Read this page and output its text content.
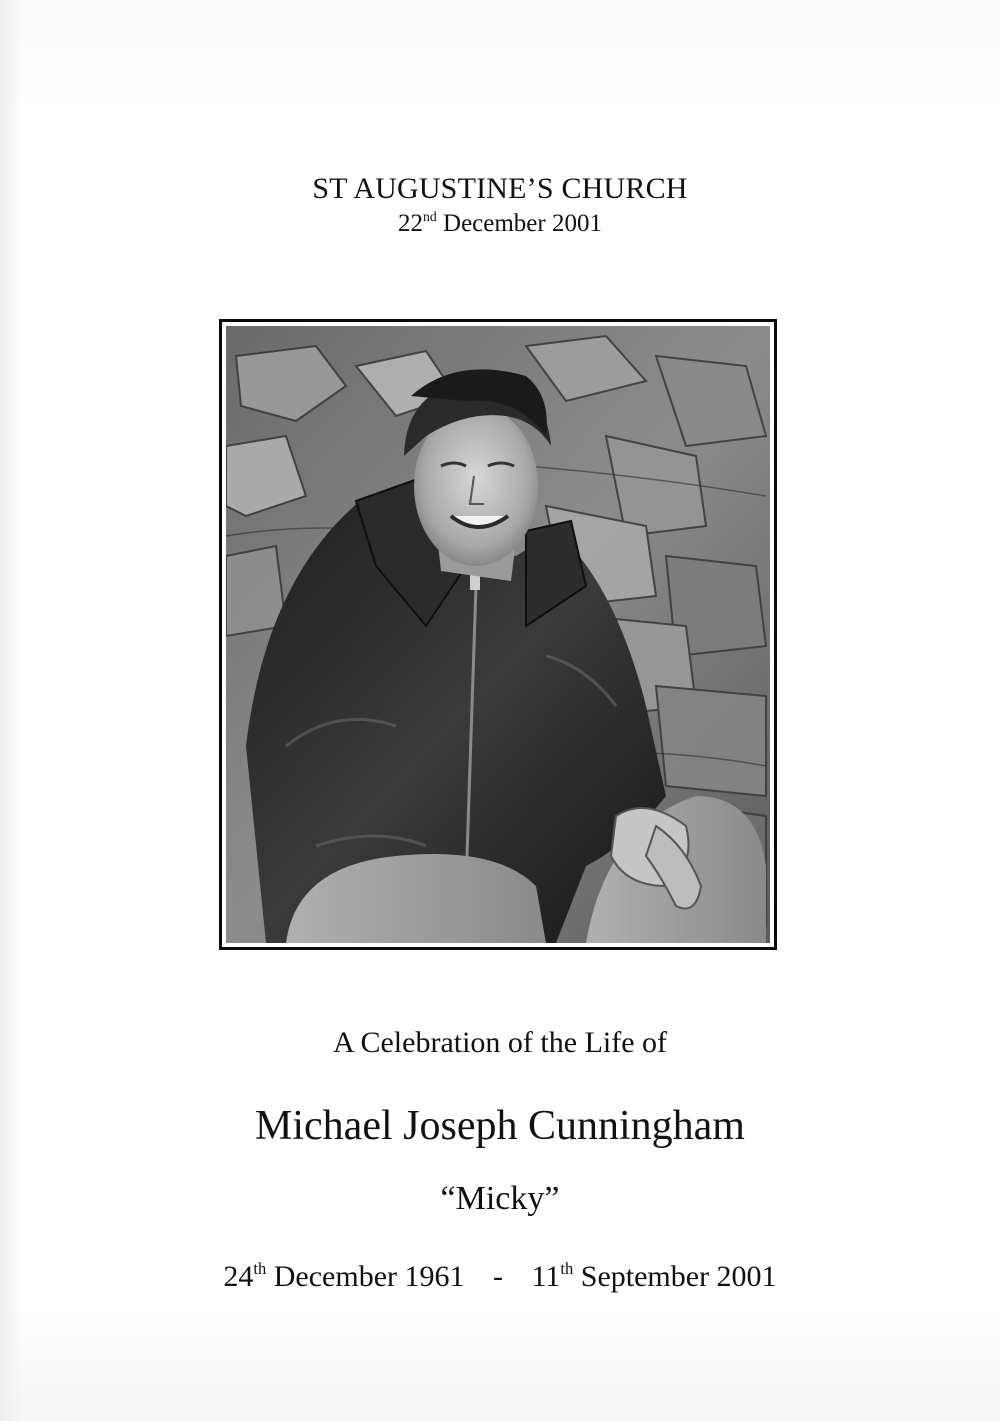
ST AUGUSTINE’S CHURCH
22nd December 2001
A Celebration of the Life of
Michael Joseph Cunningham
“Micky”
24th December 1961 - 11th September 2001
